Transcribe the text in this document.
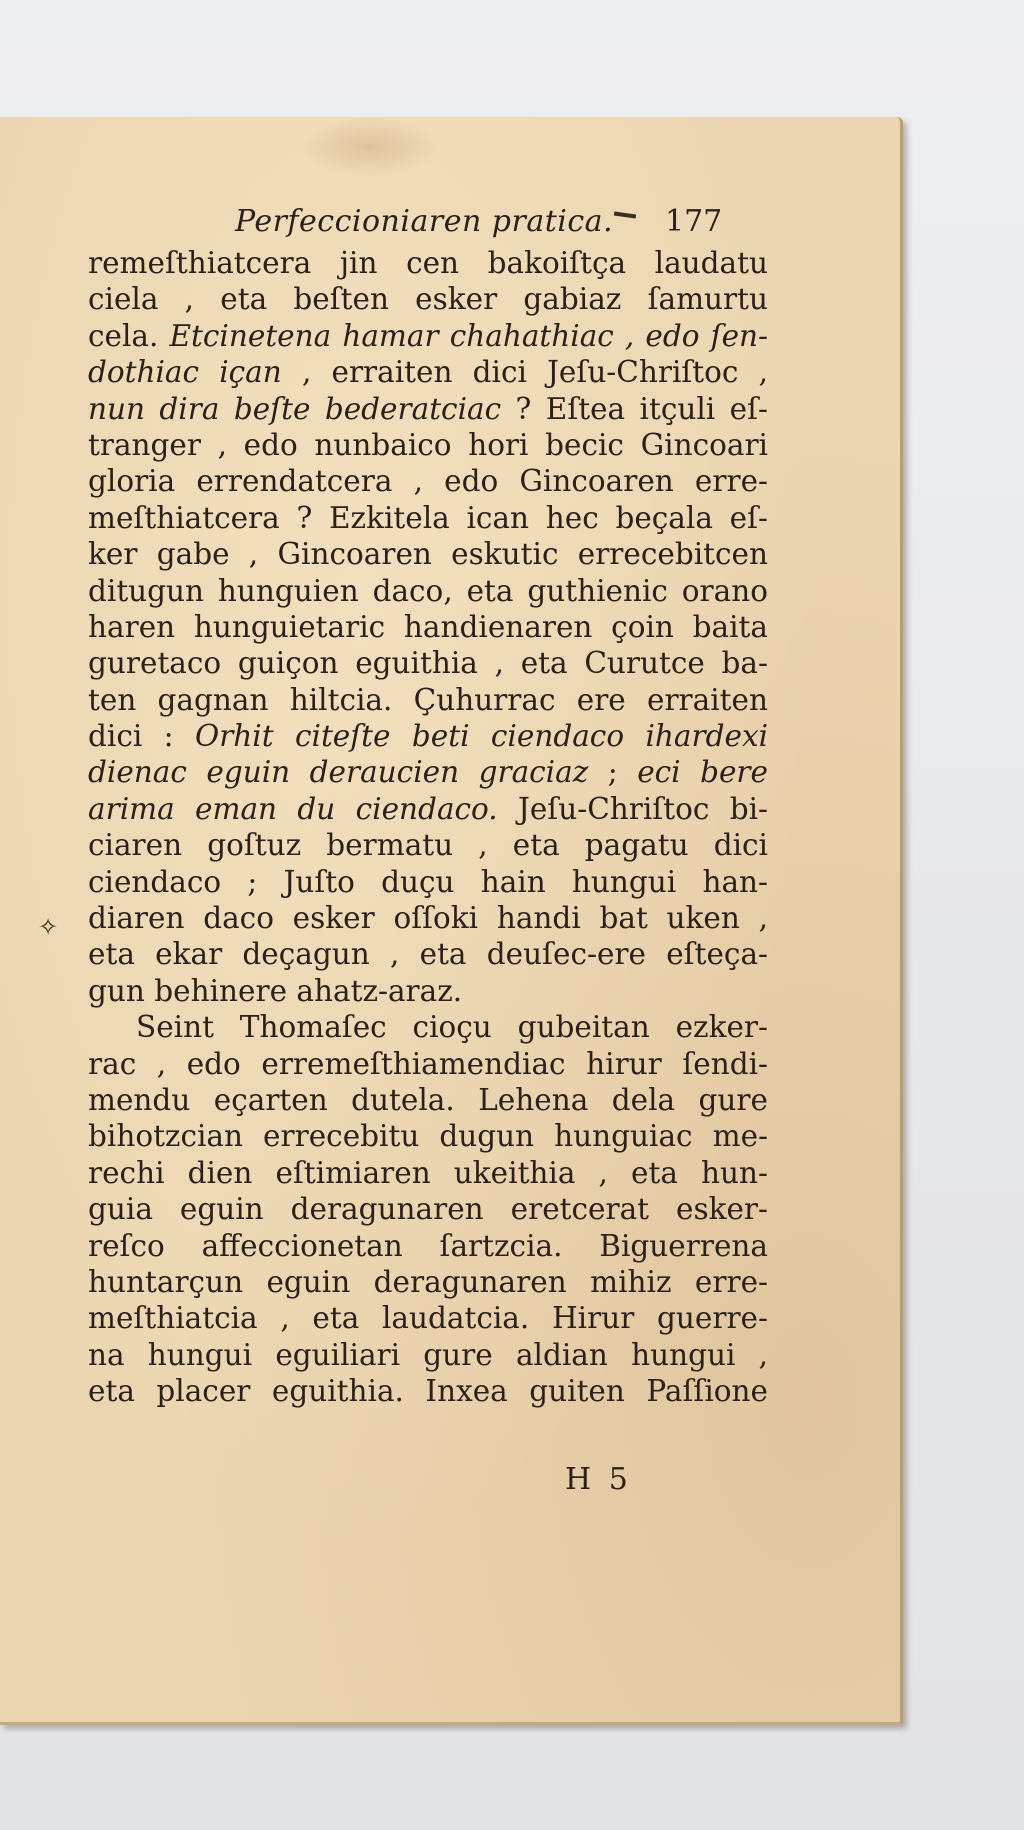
Perfeccioniaren pratica. 177
✧
remeſthiatcera jin cen bakoiſtça laudatu
ciela , eta beſten esker gabiaz ſamurtu
cela. Etcinetena hamar chahathiac , edo ſen-
dothiac içan , erraiten dici Jeſu-Chriſtoc ,
nun dira beſte bederatciac ? Eſtea itçuli eſ-
tranger , edo nunbaico hori becic Gincoari
gloria errendatcera , edo Gincoaren erre-
meſthiatcera ? Ezkitela ican hec beçala eſ-
ker gabe , Gincoaren eskutic errecebitcen
ditugun hunguien daco, eta guthienic orano
haren hunguietaric handienaren çoin baita
guretaco guiçon eguithia , eta Curutce ba-
ten gagnan hiltcia. Çuhurrac ere erraiten
dici : Orhit citeſte beti ciendaco ihardexi
dienac eguin deraucien graciaz ; eci bere
arima eman du ciendaco. Jeſu-Chriſtoc bi-
ciaren goſtuz bermatu , eta pagatu dici
ciendaco ; Juſto duçu hain hungui han-
diaren daco esker oſſoki handi bat uken ,
eta ekar deçagun , eta deuſec-ere eſteça-
gun behinere ahatz-araz.
Seint Thomaſec cioçu gubeitan ezker-
rac , edo erremeſthiamendiac hirur ſendi-
mendu eçarten dutela. Lehena dela gure
bihotzcian errecebitu dugun hunguiac me-
rechi dien eſtimiaren ukeithia , eta hun-
guia eguin deragunaren eretcerat esker-
reſco affeccionetan ſartzcia. Biguerrena
huntarçun eguin deragunaren mihiz erre-
meſthiatcia , eta laudatcia. Hirur guerre-
na hungui eguiliari gure aldian hungui ,
eta placer eguithia. Inxea guiten Paſſione
H 5
